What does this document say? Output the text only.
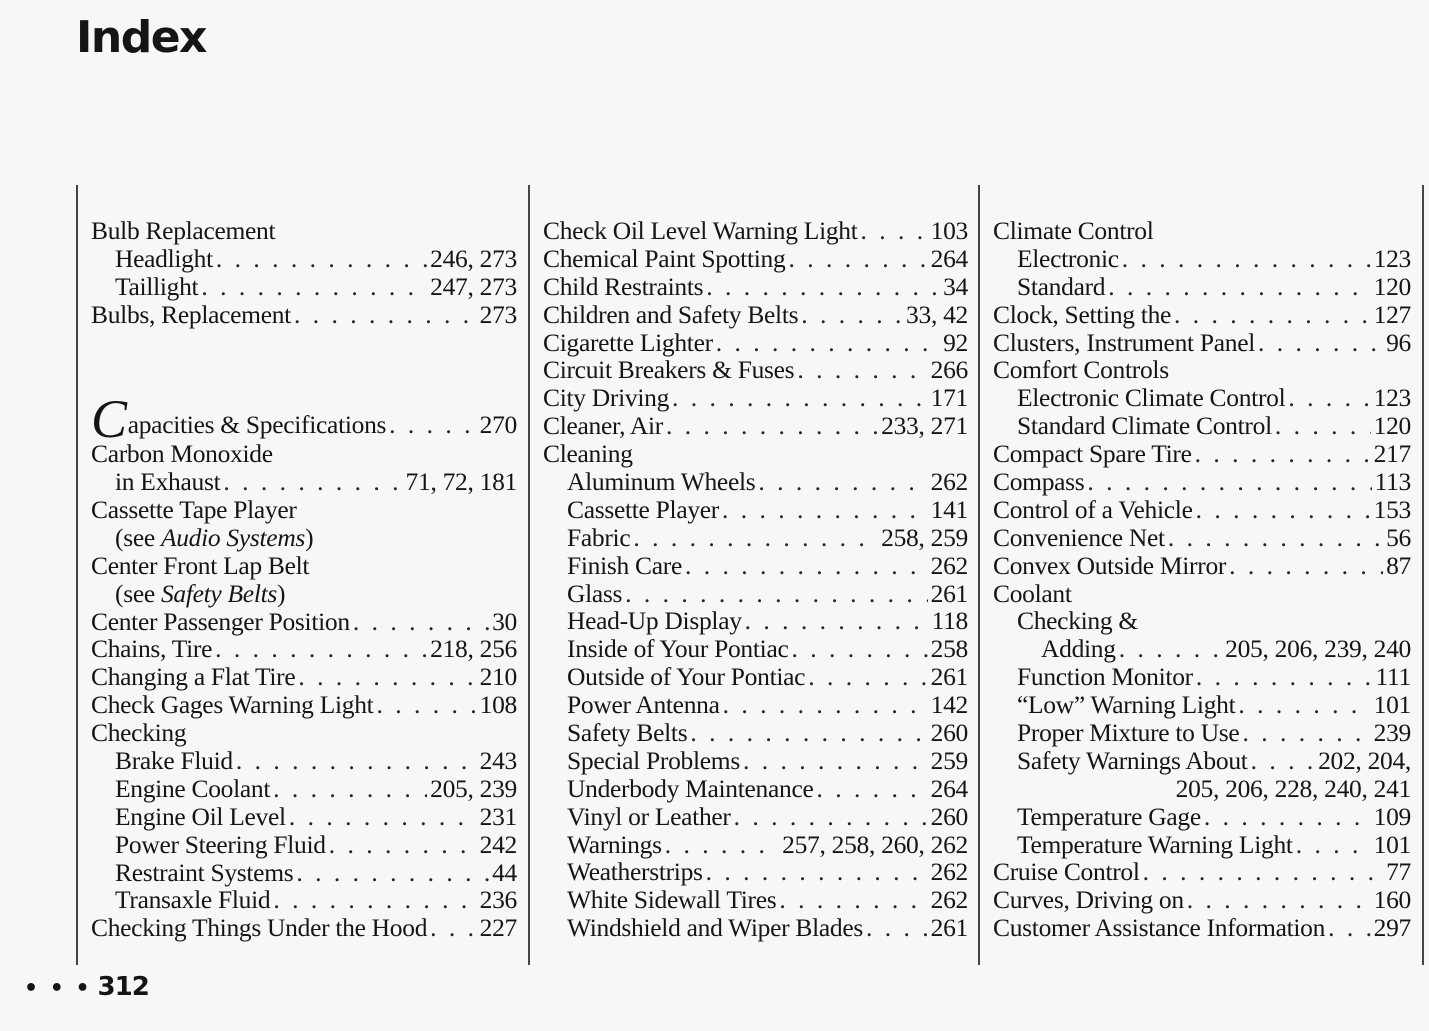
Index
Bulb Replacement
Headlight . . .	246, 273
Taillight . . .	247, 273
Bulbs, Replacement . . .	273
Capacities & Specifications . . .	270
Carbon Monoxide
in Exhaust . . .	71, 72, 181
Cassette Tape Player
(see Audio Systems)
Center Front Lap Belt
(see Safety Belts)
Center Passenger Position . . .	30
Chains, Tire . . .	218, 256
Changing a Flat Tire . . .	210
Check Gages Warning Light . . .	108
Checking
Brake Fluid . . .	243
Engine Coolant . . .	205, 239
Engine Oil Level . . .	231
Power Steering Fluid . . .	242
Restraint Systems . . .	44
Transaxle Fluid . . .	236
Checking Things Under the Hood . . . 227
Check Oil Level Warning Light . . .	103
Chemical Paint Spotting . . .	264
Child Restraints . . .	34
Children and Safety Belts . . .	33, 42
Cigarette Lighter . . .	92
Circuit Breakers & Fuses . . .	266
City Driving . . .	171
Cleaner, Air . . .	233, 271
Cleaning
Aluminum Wheels . . .	262
Cassette Player . . .	141
Fabric . . .	258, 259
Finish Care . . .	262
Glass . . .	261
Head-Up Display . . .	118
Inside of Your Pontiac . . .	258
Outside of Your Pontiac . . .	261
Power Antenna . . .	142
Safety Belts . . .	260
Special Problems . . .	259
Underbody Maintenance . . .	264
Vinyl or Leather . . .	260
Warnings . . .	257, 258, 260, 262
Weatherstrips . . .	262
White Sidewall Tires . . .	262
Windshield and Wiper Blades . . .	261
Climate Control
Electronic . . .	123
Standard . . .	120
Clock, Setting the . . .	127
Clusters, Instrument Panel . . .	96
Comfort Controls
Electronic Climate Control . . .	123
Standard Climate Control . . .	120
Compact Spare Tire . . .	217
Compass . . .	113
Control of a Vehicle . . .	153
Convenience Net . . .	56
Convex Outside Mirror . . .	87
Coolant
Checking &
Adding . . .	205, 206, 239, 240
Function Monitor . . .	111
“Low” Warning Light . . .	101
Proper Mixture to Use . . .	239
Safety Warnings About . . .	202, 204,
205, 206, 228, 240, 241
Temperature Gage . . .	109
Temperature Warning Light . . .	101
Cruise Control . . .	77
Curves, Driving on . . .	160
Customer Assistance Information . . . 297
• • • 312
